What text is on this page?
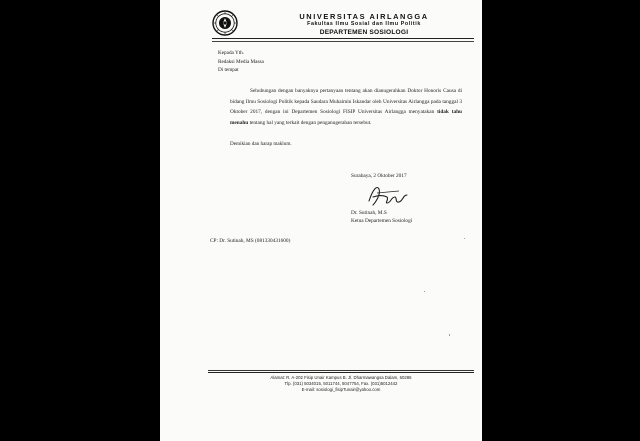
UNIVERSITAS AIRLANGGA
Fakultas Ilmu Sosial dan Ilmu Politik
DEPARTEMEN SOSIOLOGI
Kepada Yth.
Redaksi Media Massa
Di tempat

Sehubungan dengan banyaknya pertanyaan tentang akan dianugerahkan Doktor Honoris Causa di bidang Ilmu Sosiologi Politik kepada Saudara Muhaimin Iskandar oleh Universitas Airlangga pada tanggal 3 Oktober 2017, dengan ini Departemen Sosiologi FISIP Universitas Airlangga menyatakan tidak tahu menahu tentang hal yang terkait dengan penganugerahan tersebut.

Demikian dan harap maklum.
Surabaya, 2 Oktober 2017
Dr. Sutinah, M.S
Ketua Departemen Sosiologi
CP: Dr. Sutinah, MS (081330431600)
Alamat: R. A-202 Fisip Unair Kampus B. Jl. Dharmawangsa Dalam, 60286
Tlp. (031) 5034015, 5011744, 5047754, Fax. (031)5012442
E-mail: sosiologi_fisipTunair@yahoo.com
